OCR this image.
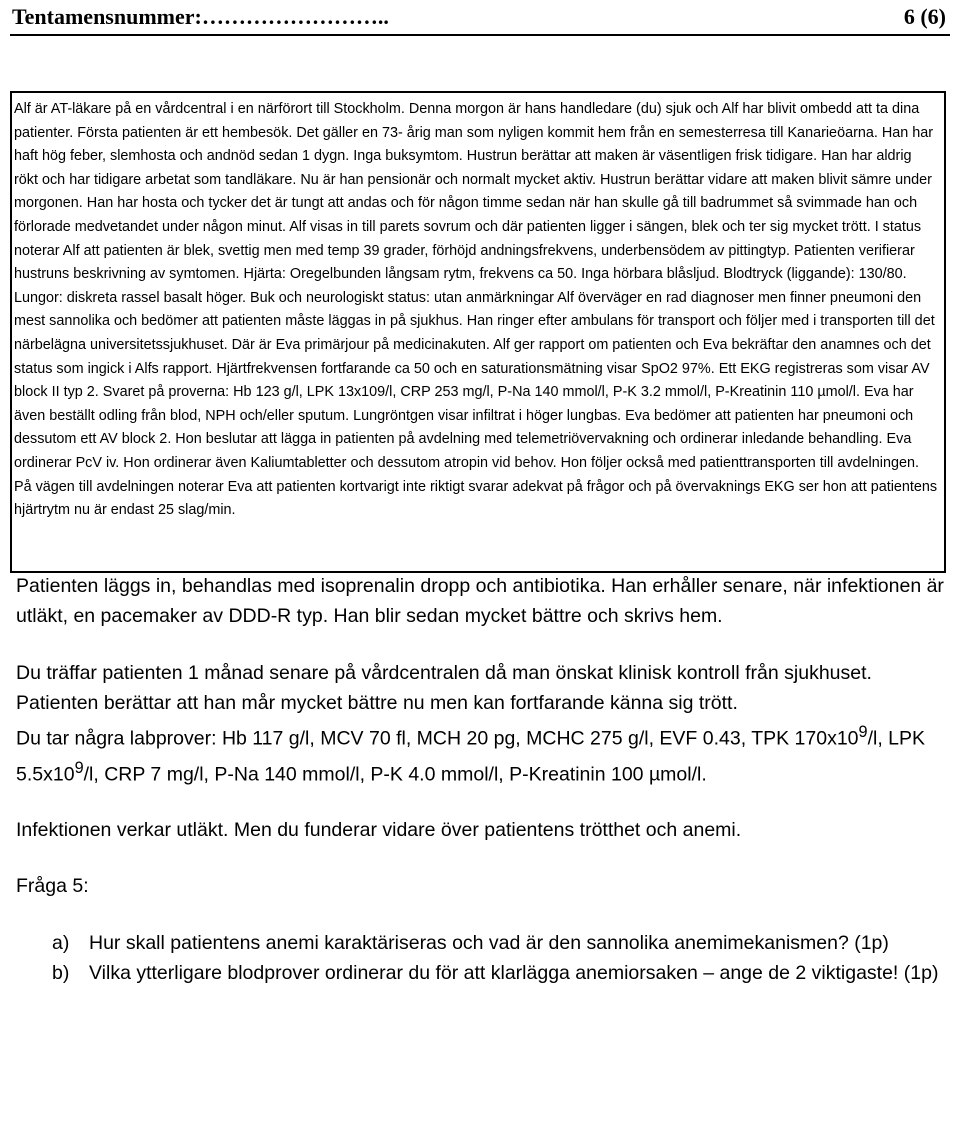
Tentamensnummer:……………………..	6 (6)

Alf är AT-läkare på en vårdcentral i en närförort till Stockholm. Denna morgon är hans handledare (du) sjuk och Alf har blivit ombedd att ta dina patienter. Första patienten är ett hembesök. Det gäller en 73- årig man som nyligen kommit hem från en semesterresa till Kanarieöarna. Han har haft hög feber, slemhosta och andnöd sedan 1 dygn. Inga buksymtom. Hustrun berättar att maken är väsentligen frisk tidigare. Han har aldrig rökt och har tidigare arbetat som tandläkare. Nu är han pensionär och normalt mycket aktiv. Hustrun berättar vidare att maken blivit sämre under morgonen. Han har hosta och tycker det är tungt att andas och för någon timme sedan när han skulle gå till badrummet så svimmade han och förlorade medvetandet under någon minut. Alf visas in till parets sovrum och där patienten ligger i sängen, blek och ter sig mycket trött. I status noterar Alf att patienten är blek, svettig men med temp 39 grader, förhöjd andningsfrekvens, underbensödem av pittingtyp. Patienten verifierar hustruns beskrivning av symtomen. Hjärta: Oregelbunden långsam rytm, frekvens ca 50. Inga hörbara blåsljud. Blodtryck (liggande): 130/80. Lungor: diskreta rassel basalt höger. Buk och neurologiskt status: utan anmärkningar Alf överväger en rad diagnoser men finner pneumoni den mest sannolika och bedömer att patienten måste läggas in på sjukhus. Han ringer efter ambulans för transport och följer med i transporten till det närbelägna universitetssjukhuset. Där är Eva primärjour på medicinakuten. Alf ger rapport om patienten och Eva bekräftar den anamnes och det status som ingick i Alfs rapport. Hjärtfrekvensen fortfarande ca 50 och en saturationsmätning visar SpO2 97%. Ett EKG registreras som visar AV block II typ 2. Svaret på proverna: Hb 123 g/l, LPK 13x109/l, CRP 253 mg/l, P-Na 140 mmol/l, P-K 3.2 mmol/l, P-Kreatinin 110 µmol/l. Eva har även beställt odling från blod, NPH och/eller sputum. Lungröntgen visar infiltrat i höger lungbas. Eva bedömer att patienten har pneumoni och dessutom ett AV block 2. Hon beslutar att lägga in patienten på avdelning med telemetriövervakning och ordinerar inledande behandling. Eva ordinerar PcV iv. Hon ordinerar även Kaliumtabletter och dessutom atropin vid behov. Hon följer också med patienttransporten till avdelningen. På vägen till avdelningen noterar Eva att patienten kortvarigt inte riktigt svarar adekvat på frågor och på övervaknings EKG ser hon att patientens hjärtrytm nu är endast 25 slag/min.

Patienten läggs in, behandlas med isoprenalin dropp och antibiotika. Han erhåller senare, när infektionen är utläkt, en pacemaker av DDD-R typ. Han blir sedan mycket bättre och skrivs hem.

Du träffar patienten 1 månad senare på vårdcentralen då man önskat klinisk kontroll från sjukhuset.

Patienten berättar att han mår mycket bättre nu men kan fortfarande känna sig trött.

Du tar några labprover: Hb 117 g/l, MCV 70 fl, MCH 20 pg, MCHC 275 g/l, EVF 0.43, TPK $170x10^9/l$, LPK $5.5x10^9/l$, CRP 7 mg/l, P-Na 140 mmol/l, P-K 4.0 mmol/l, P-Kreatinin 100 µmol/l.

Infektionen verkar utläkt. Men du funderar vidare över patientens trötthet och anemi.

Fråga 5:

a) Hur skall patientens anemi karaktäriseras och vad är den sannolika anemimekanismen? (1p)
b) Vilka ytterligare blodprover ordinerar du för att klarlägga anemiorsaken – ange de 2 viktigaste! (1p)
